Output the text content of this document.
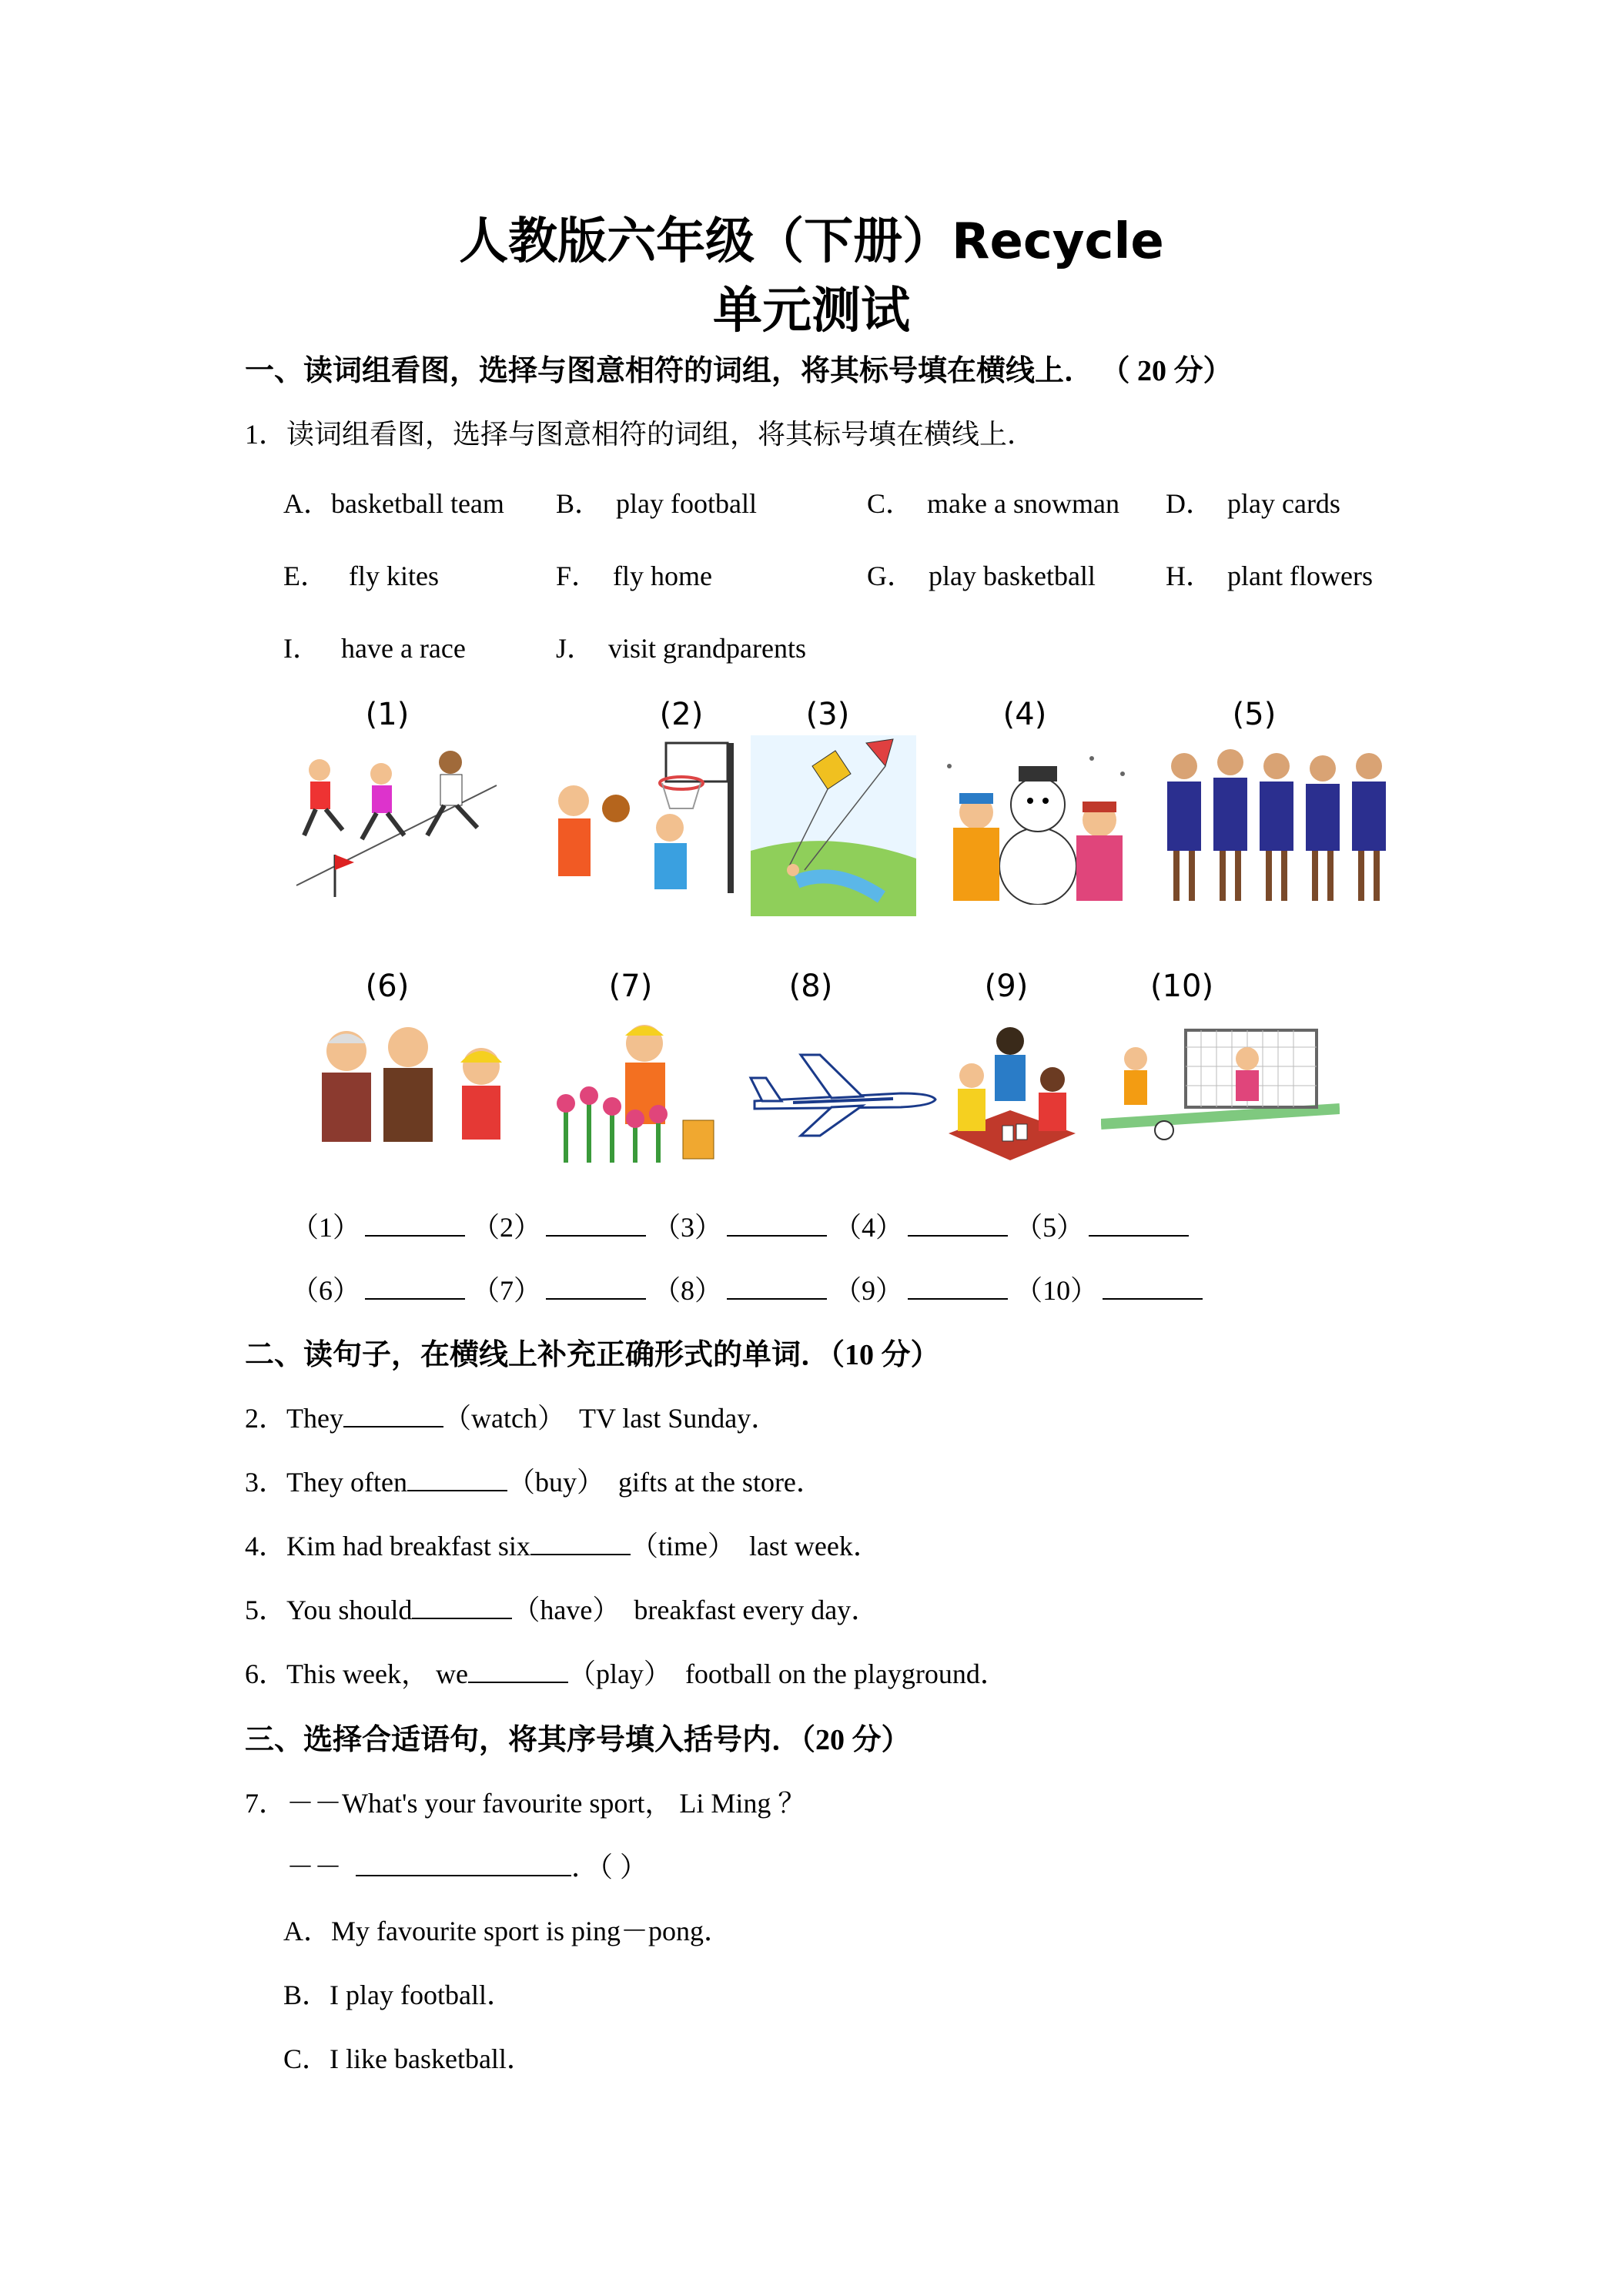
人教版六年级（下册）Recycle
单元测试
一、读词组看图，选择与图意相符的词组，将其标号填在横线上． （ 20 分）
1．读词组看图，选择与图意相符的词组，将其标号填在横线上．
A．basketball team B． play football	C． make a snowman D． play cards
E． fly kites	F． fly home	G． play basketball	H． plant flowers
I． have a race	J． visit grandparents
(1)	(2)	(3)	(4)	(5)
(6)	(7)	(8)	(9)	(10)
（1）	（2）	（3）	（4）	（5）
（6）	（7）	（8）	（9）	（10）
二、读句子，在横线上补充正确形式的单词．（10 分）
2．They	（watch） TV last Sunday．
3．They often	（buy） gifts at the store．
4．Kim had breakfast six	（time） last week．
5．You should	（have） breakfast every day．
6．This week， we	（play） football on the playground．
三、选择合适语句，将其序号填入括号内．（20 分）
7．－－What's your favourite sport， Li Ming ？
－－	．（ ）
A．My favourite sport is ping－pong．
B．I play football．
C．I like basketball．
